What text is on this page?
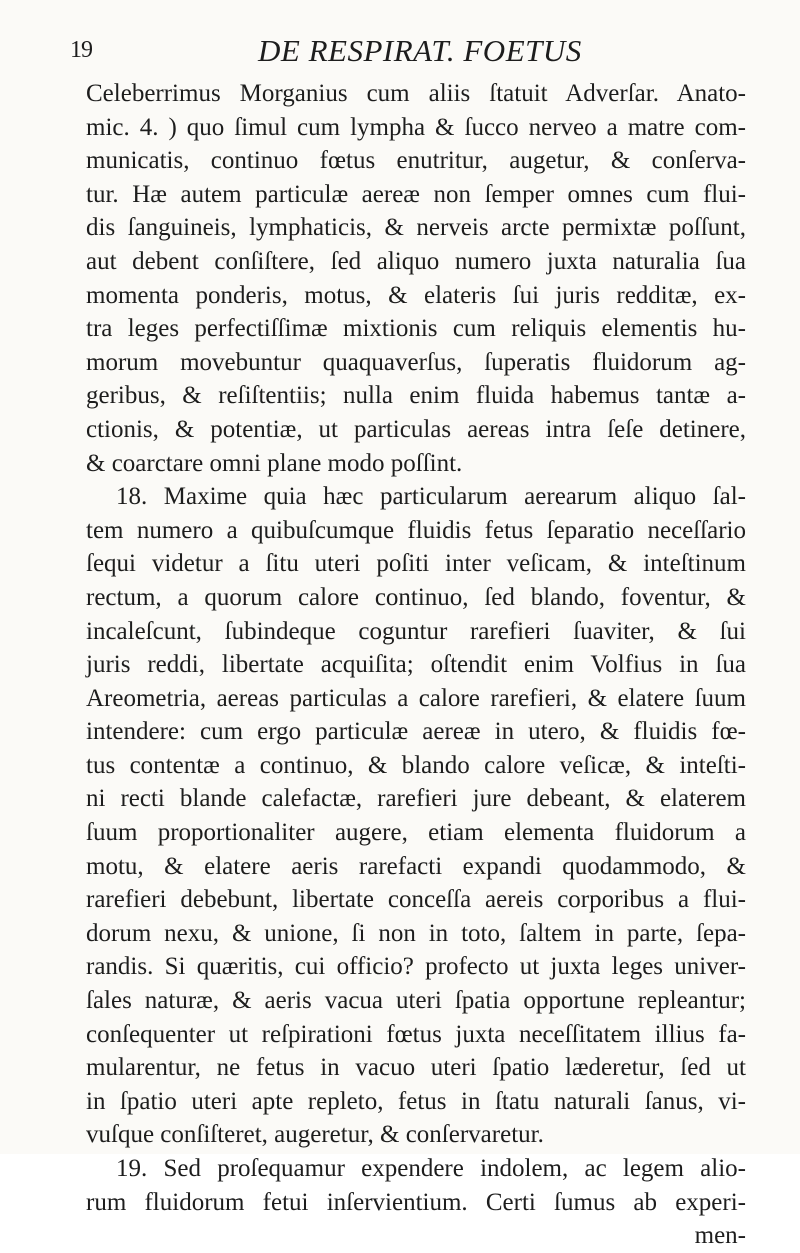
19	DE RESPIRAT. FOETUS
Celeberrimus Morganius cum aliis ſtatuit Adverſar. Anato-
mic. 4. ) quo ſimul cum lympha & ſucco nerveo a matre com-
municatis, continuo fœtus enutritur, augetur, & conſerva-
tur. Hæ autem particulæ aereæ non ſemper omnes cum flui-
dis ſanguineis, lymphaticis, & nerveis arcte permixtæ poſſunt,
aut debent conſiſtere, ſed aliquo numero juxta naturalia ſua
momenta ponderis, motus, & elateris ſui juris redditæ, ex-
tra leges perfectiſſimæ mixtionis cum reliquis elementis hu-
morum movebuntur quaquaverſus, ſuperatis fluidorum ag-
geribus, & reſiſtentiis; nulla enim fluida habemus tantæ a-
ctionis, & potentiæ, ut particulas aereas intra ſeſe detinere,
& coarctare omni plane modo poſſint.
18. Maxime quia hæc particularum aerearum aliquo ſal-
tem numero a quibuſcumque fluidis fetus ſeparatio neceſſario
ſequi videtur a ſitu uteri poſiti inter veſicam, & inteſtinum
rectum, a quorum calore continuo, ſed blando, foventur, &
incaleſcunt, ſubindeque coguntur rarefieri ſuaviter, & ſui
juris reddi, libertate acquiſita; oſtendit enim Volfius in ſua
Areometria, aereas particulas a calore rarefieri, & elatere ſuum
intendere: cum ergo particulæ aereæ in utero, & fluidis fœ-
tus contentæ a continuo, & blando calore veſicæ, & inteſti-
ni recti blande calefactæ, rarefieri jure debeant, & elaterem
ſuum proportionaliter augere, etiam elementa fluidorum a
motu, & elatere aeris rarefacti expandi quodammodo, &
rarefieri debebunt, libertate conceſſa aereis corporibus a flui-
dorum nexu, & unione, ſi non in toto, ſaltem in parte, ſepa-
randis. Si quæritis, cui officio? profecto ut juxta leges univer-
ſales naturæ, & aeris vacua uteri ſpatia opportune repleantur;
conſequenter ut reſpirationi fœtus juxta neceſſitatem illius fa-
mularentur, ne fetus in vacuo uteri ſpatio læderetur, ſed ut
in ſpatio uteri apte repleto, fetus in ſtatu naturali ſanus, vi-
vuſque conſiſteret, augeretur, & conſervaretur.
19. Sed proſequamur expendere indolem, ac legem alio-
rum fluidorum fetui inſervientium. Certi ſumus ab experi-
men-
